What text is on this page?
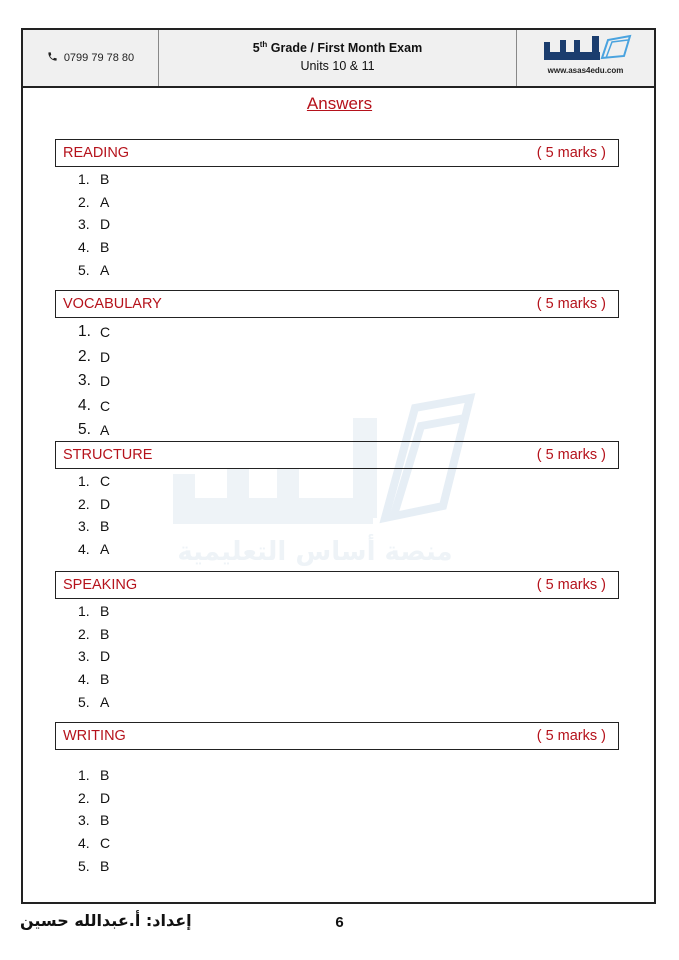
0799 79 78 80
5th Grade / First Month Exam
Units 10 & 11	www.asas4edu.com
Answers
منصة أساس التعليمية
READING	( 5 marks )
1. B
2. A
3. D
4. B
5. A
VOCABULARY	( 5 marks )
1. C
2. D
3. D
4. C
5. A
STRUCTURE	( 5 marks )
1. C
2. D
3. B
4. A
SPEAKING	( 5 marks )
1. B
2. B
3. D
4. B
5. A
WRITING	( 5 marks )
1. B
2. D
3. B
4. C
5. B
إعداد: أ.عبدالله حسين	6
